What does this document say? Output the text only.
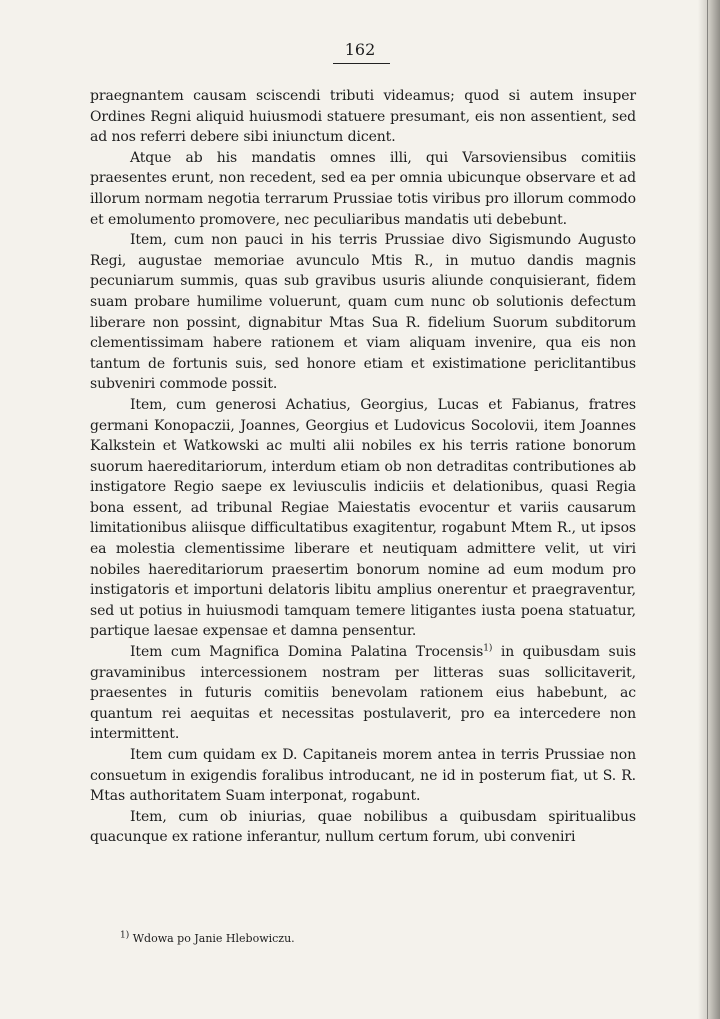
162

praegnantem causam sciscendi tributi videamus; quod si autem insuper Ordines Regni aliquid huiusmodi statuere presumant, eis non assentient, sed ad nos referri debere sibi iniunctum dicent.

Atque ab his mandatis omnes illi, qui Varsoviensibus comitiis praesentes erunt, non recedent, sed ea per omnia ubicunque observare et ad illorum normam negotia terrarum Prussiae totis viribus pro illorum commodo et emolumento promovere, nec peculiaribus mandatis uti debebunt.

Item, cum non pauci in his terris Prussiae divo Sigismundo Augusto Regi, augustae memoriae avunculo Mtis R., in mutuo dandis magnis pecuniarum summis, quas sub gravibus usuris aliunde conquisierant, fidem suam probare humilime voluerunt, quam cum nunc ob solutionis defectum liberare non possint, dignabitur Mtas Sua R. fidelium Suorum subditorum clementissimam habere rationem et viam aliquam invenire, qua eis non tantum de fortunis suis, sed honore etiam et existimatione periclitantibus subveniri commode possit.

Item, cum generosi Achatius, Georgius, Lucas et Fabianus, fratres germani Konopaczii, Joannes, Georgius et Ludovicus Socolovii, item Joannes Kalkstein et Watkowski ac multi alii nobiles ex his terris ratione bonorum suorum haereditariorum, interdum etiam ob non detraditas contributiones ab instigatore Regio saepe ex leviusculis indiciis et delationibus, quasi Regia bona essent, ad tribunal Regiae Maiestatis evocentur et variis causarum limitationibus aliisque difficultatibus exagitentur, rogabunt Mtem R., ut ipsos ea molestia clementissime liberare et neutiquam admittere velit, ut viri nobiles haereditariorum praesertim bonorum nomine ad eum modum pro instigatoris et importuni delatoris libitu amplius onerentur et praegraventur, sed ut potius in huiusmodi tamquam temere litigantes iusta poena statuatur, partique laesae expensae et damna pensentur.

Item cum Magnifica Domina Palatina Trocensis$^{1)}$ in quibusdam suis gravaminibus intercessionem nostram per litteras suas sollicitaverit, praesentes in futuris comitiis benevolam rationem eius habebunt, ac quantum rei aequitas et necessitas postulaverit, pro ea intercedere non intermittent.

Item cum quidam ex D. Capitaneis morem antea in terris Prussiae non consuetum in exigendis foralibus introducant, ne id in posterum fiat, ut S. R. Mtas authoritatem Suam interponat, rogabunt.

Item, cum ob iniurias, quae nobilibus a quibusdam spiritualibus quacunque ex ratione inferantur, nullum certum forum, ubi conveniri

$^{1)}$ Wdowa po Janie Hlebowiczu.
